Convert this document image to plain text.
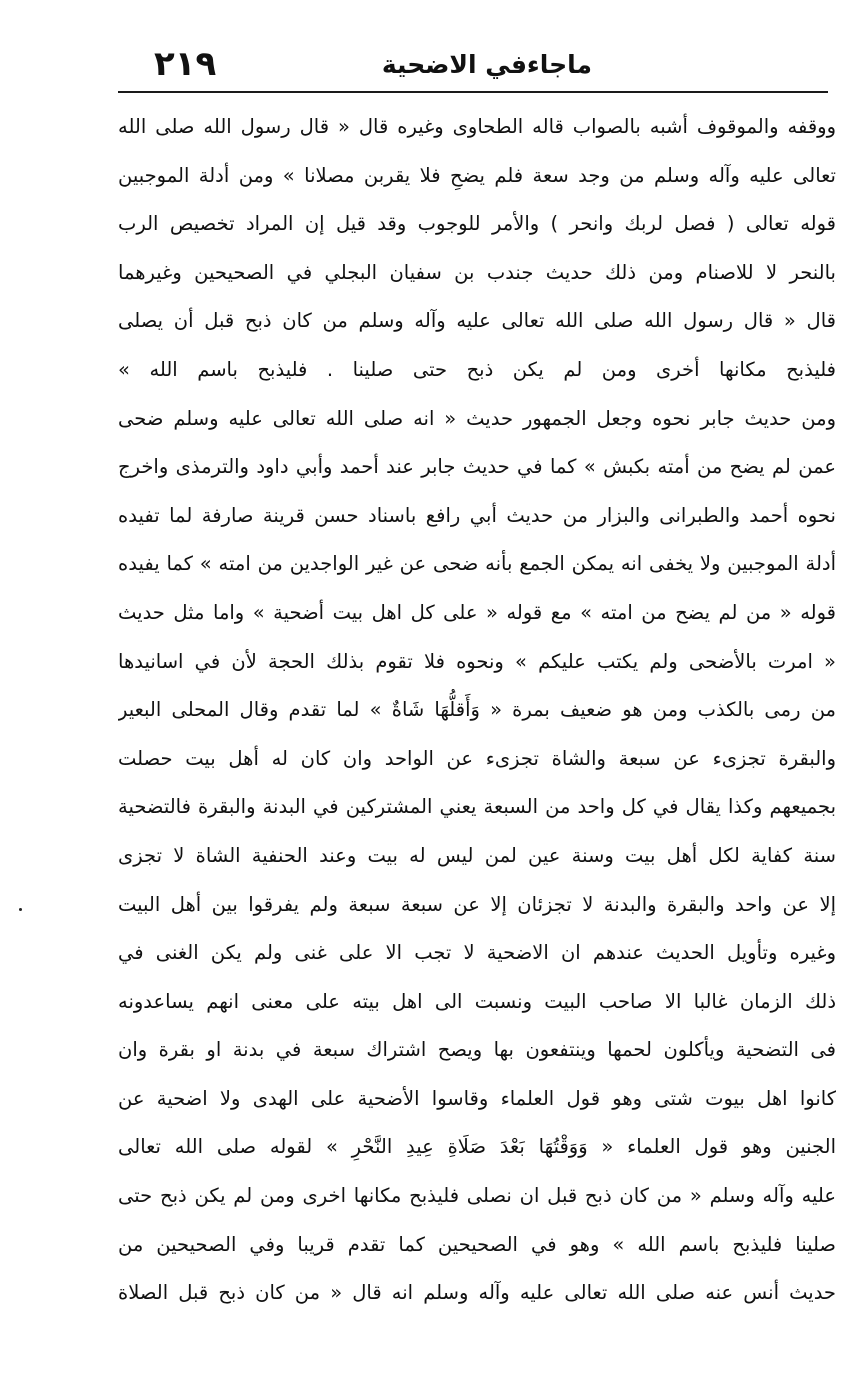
٢١٩	ماجاءفي الاضحية
ووقفه والموقوف أشبه بالصواب قاله الطحاوى وغيره قال « قال رسول الله صلى الله
تعالى عليه وآله وسلم من وجد سعة فلم يضحِ فلا يقربن مصلانا » ومن أدلة الموجبين
قوله تعالى ( فصل لربك وانحر ) والأمر للوجوب وقد قيل إن المراد تخصيص الرب
بالنحر لا للاصنام ومن ذلك حديث جندب بن سفيان البجلي في الصحيحين وغيرهما
قال « قال رسول الله صلى الله تعالى عليه وآله وسلم من كان ذبح قبل أن يصلى
فليذبح مكانها أخرى ومن لم يكن ذبح حتى صلينا . فليذبح باسم الله »
ومن حديث جابر نحوه وجعل الجمهور حديث « انه صلى الله تعالى عليه وسلم ضحى
عمن لم يضح من أمته بكبش » كما في حديث جابر عند أحمد وأبي داود والترمذى واخرج
نحوه أحمد والطبرانى والبزار من حديث أبي رافع باسناد حسن قرينة صارفة لما تفيده
أدلة الموجبين ولا يخفى انه يمكن الجمع بأنه ضحى عن غير الواجدين من امته » كما يفيده
قوله « من لم يضح من امته » مع قوله « على كل اهل بيت أضحية » واما مثل حديث
« امرت بالأضحى ولم يكتب عليكم » ونحوه فلا تقوم بذلك الحجة لأن في اسانيدها
من رمى بالكذب ومن هو ضعيف بمرة « وَأَقلُّهَا شَاةٌ » لما تقدم وقال المحلى البعير
والبقرة تجزىء عن سبعة والشاة تجزىء عن الواحد وان كان له أهل بيت حصلت
بجميعهم وكذا يقال في كل واحد من السبعة يعني المشتركين في البدنة والبقرة فالتضحية
سنة كفاية لكل أهل بيت وسنة عين لمن ليس له بيت وعند الحنفية الشاة لا تجزى
إلا عن واحد والبقرة والبدنة لا تجزئان إلا عن سبعة سبعة ولم يفرقوا بين أهل البيت
وغيره وتأويل الحديث عندهم ان الاضحية لا تجب الا على غنى ولم يكن الغنى في
ذلك الزمان غالبا الا صاحب البيت ونسبت الى اهل بيته على معنى انهم يساعدونه
فى التضحية ويأكلون لحمها وينتفعون بها ويصح اشتراك سبعة في بدنة او بقرة وان
كانوا اهل بيوت شتى وهو قول العلماء وقاسوا الأضحية على الهدى ولا اضحية عن
الجنين وهو قول العلماء « وَوَقْتُهَا بَعْدَ صَلَاةِ عِيدِ النَّحْرِ » لقوله صلى الله تعالى
عليه وآله وسلم « من كان ذبح قبل ان نصلى فليذبح مكانها اخرى ومن لم يكن ذبح حتى
صلينا فليذبح باسم الله » وهو في الصحيحين كما تقدم قريبا وفي الصحيحين من
حديث أنس عنه صلى الله تعالى عليه وآله وسلم انه قال « من كان ذبح قبل الصلاة
